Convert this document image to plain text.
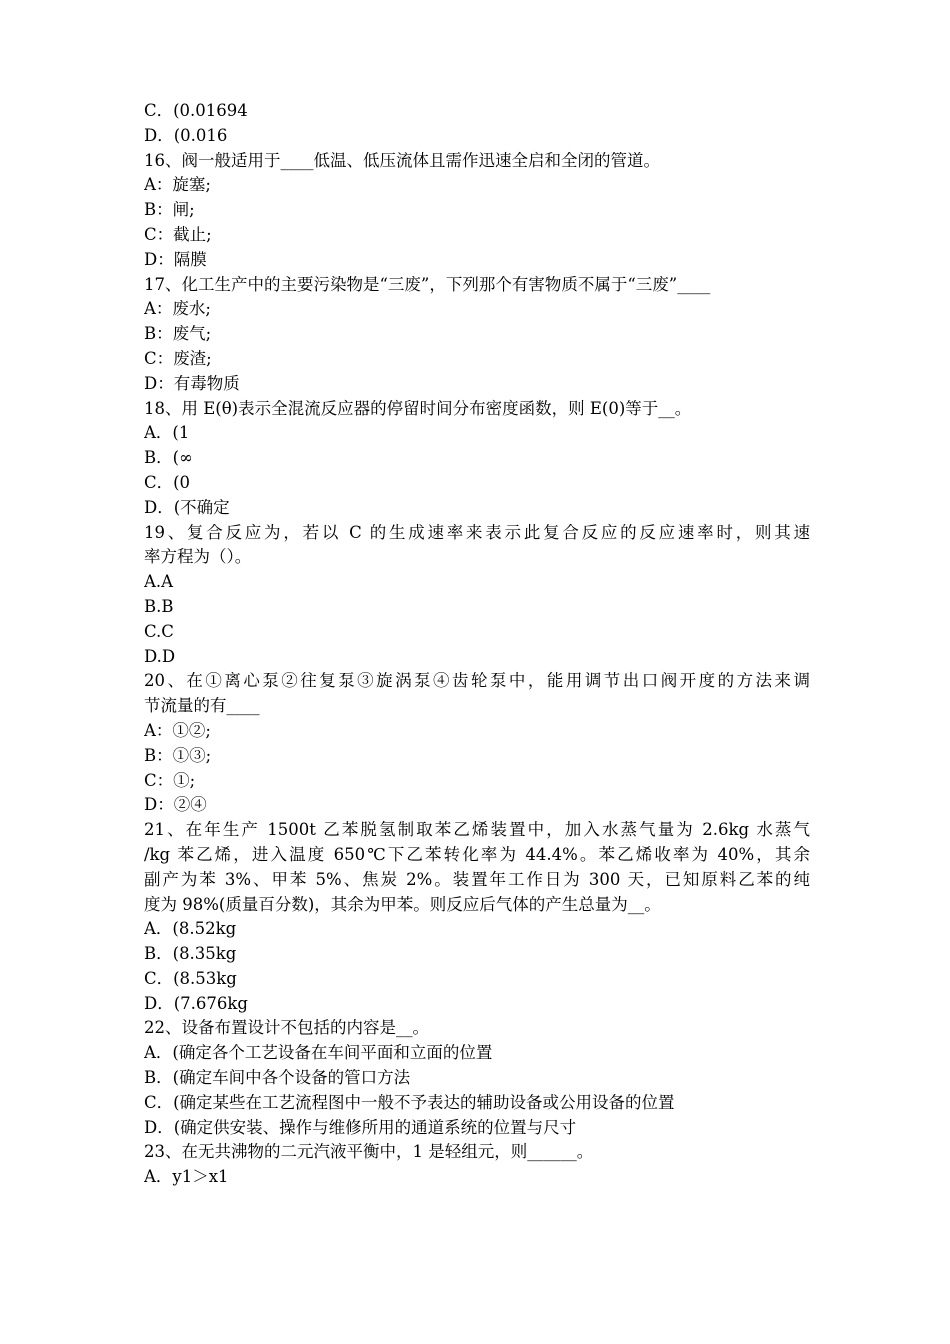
C．(0.01694
D．(0.016
16、阀一般适用于____低温、低压流体且需作迅速全启和全闭的管道。
A：旋塞;
B：闸;
C：截止;
D：隔膜
17、化工生产中的主要污染物是“三废”，下列那个有害物质不属于“三废”____
A：废水;
B：废气;
C：废渣;
D：有毒物质
18、用 E(θ)表示全混流反应器的停留时间分布密度函数，则 E(0)等于__。
A．(1
B．(∞
C．(0
D．(不确定
19、复合反应为，若以 C 的生成速率来表示此复合反应的反应速率时，则其速
率方程为（）。
A.A
B.B
C.C
D.D
20、在①离心泵②往复泵③旋涡泵④齿轮泵中，能用调节出口阀开度的方法来调
节流量的有____
A：①②;
B：①③;
C：①;
D：②④
21、在年生产 1500t 乙苯脱氢制取苯乙烯装置中，加入水蒸气量为 2.6kg 水蒸气
/kg 苯乙烯，进入温度 650℃下乙苯转化率为 44.4%。苯乙烯收率为 40%，其余
副产为苯 3%、甲苯 5%、焦炭 2%。装置年工作日为 300 天，已知原料乙苯的纯
度为 98%(质量百分数)，其余为甲苯。则反应后气体的产生总量为__。
A．(8.52kg
B．(8.35kg
C．(8.53kg
D．(7.676kg
22、设备布置设计不包括的内容是__。
A．(确定各个工艺设备在车间平面和立面的位置
B．(确定车间中各个设备的管口方法
C．(确定某些在工艺流程图中一般不予表达的辅助设备或公用设备的位置
D．(确定供安装、操作与维修所用的通道系统的位置与尺寸
23、在无共沸物的二元汽液平衡中，1 是轻组元，则______。
A．y1＞x1
